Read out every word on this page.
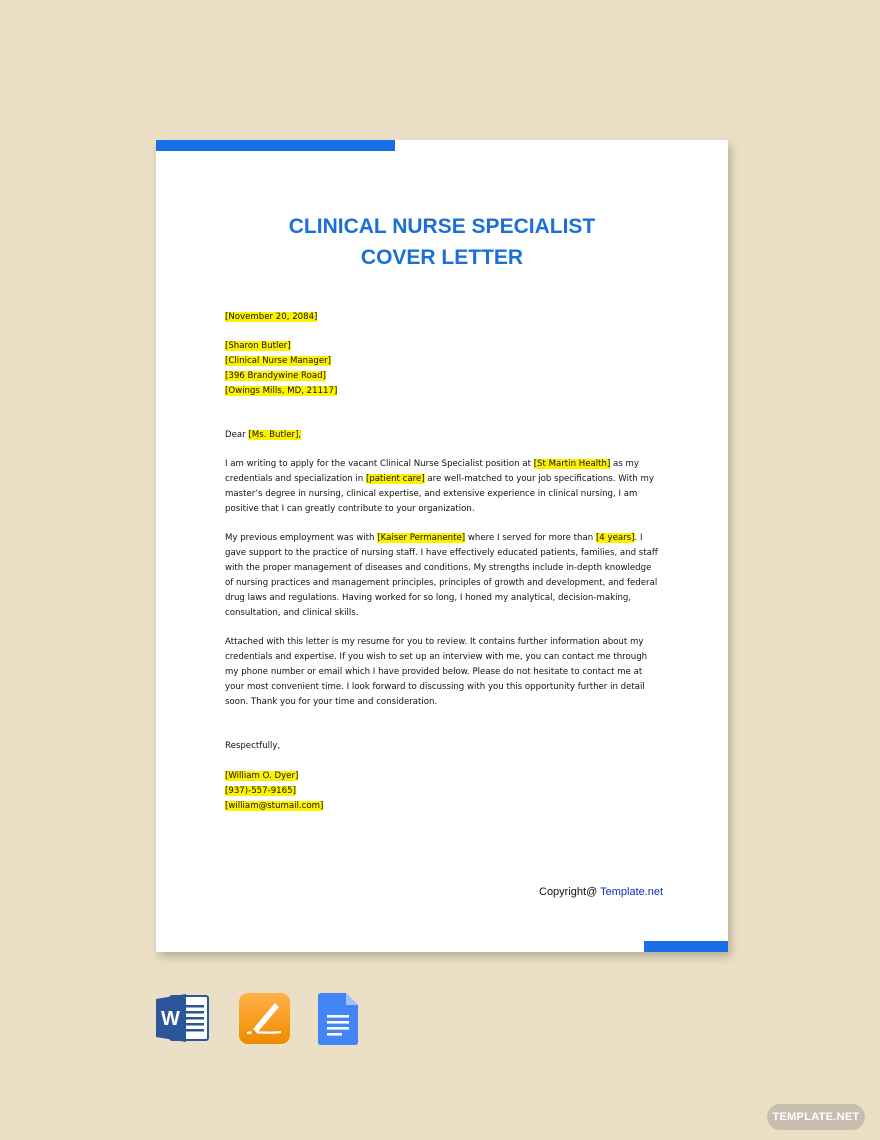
CLINICAL NURSE SPECIALIST
COVER LETTER
[November 20, 2084]
[Sharon Butler]
[Clinical Nurse Manager]
[396 Brandywine Road]
[Owings Mills, MD, 21117]
Dear [Ms. Butler],
I am writing to apply for the vacant Clinical Nurse Specialist position at [St Martin Health] as my
credentials and specialization in [patient care] are well-matched to your job specifications. With my
master’s degree in nursing, clinical expertise, and extensive experience in clinical nursing, I am
positive that I can greatly contribute to your organization.
My previous employment was with [Kaiser Permanente] where I served for more than [4 years]. I
gave support to the practice of nursing staff. I have effectively educated patients, families, and staff
with the proper management of diseases and conditions. My strengths include in-depth knowledge
of nursing practices and management principles, principles of growth and development, and federal
drug laws and regulations. Having worked for so long, I honed my analytical, decision-making,
consultation, and clinical skills.
Attached with this letter is my resume for you to review. It contains further information about my
credentials and expertise. If you wish to set up an interview with me, you can contact me through
my phone number or email which I have provided below. Please do not hesitate to contact me at
your most convenient time. I look forward to discussing with you this opportunity further in detail
soon. Thank you for your time and consideration.
Respectfully,
[William O. Dyer]
[937)-557-9165]
[william@stumail.com]
Copyright@ Template.net
W
TEMPLATE.NET
